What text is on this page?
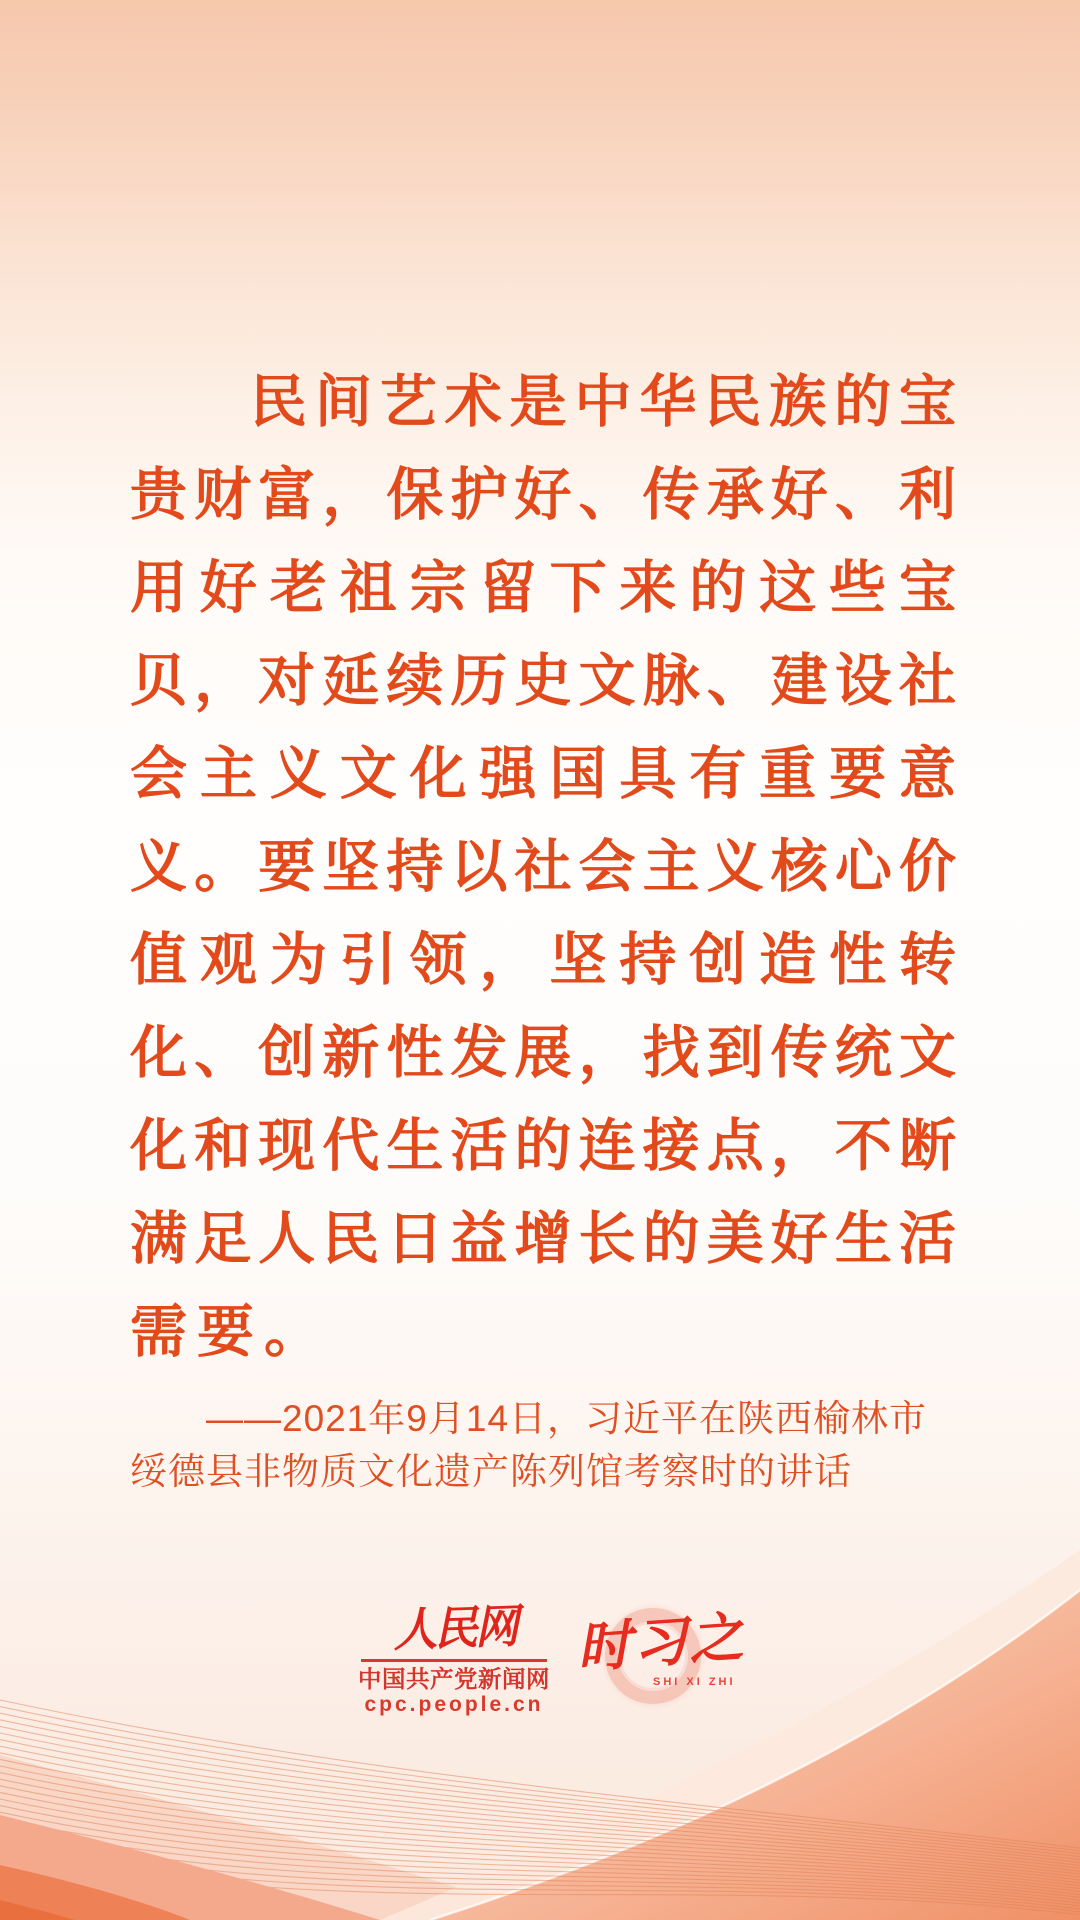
民 间 艺 术 是 中 华 民 族 的 宝
贵 财 富 ， 保 护 好 、 传 承 好 、 利
用 好 老 祖 宗 留 下 来 的 这 些 宝
贝 ， 对 延 续 历 史 文 脉 、 建 设 社
会 主 义 文 化 强 国 具 有 重 要 意
义 。 要 坚 持 以 社 会 主 义 核 心 价
值 观 为 引 领 ， 坚 持 创 造 性 转
化 、 创 新 性 发 展 ， 找 到 传 统 文
化 和 现 代 生 活 的 连 接 点 ， 不 断
满 足 人 民 日 益 增 长 的 美 好 生 活
需 要 。
——2021年9月14日，习近平在陕西榆林市
绥德县非物质文化遗产陈列馆考察时的讲话
人民网
中国共产党新闻网
cpc.people.cn
时习之
SHI XI ZHI
